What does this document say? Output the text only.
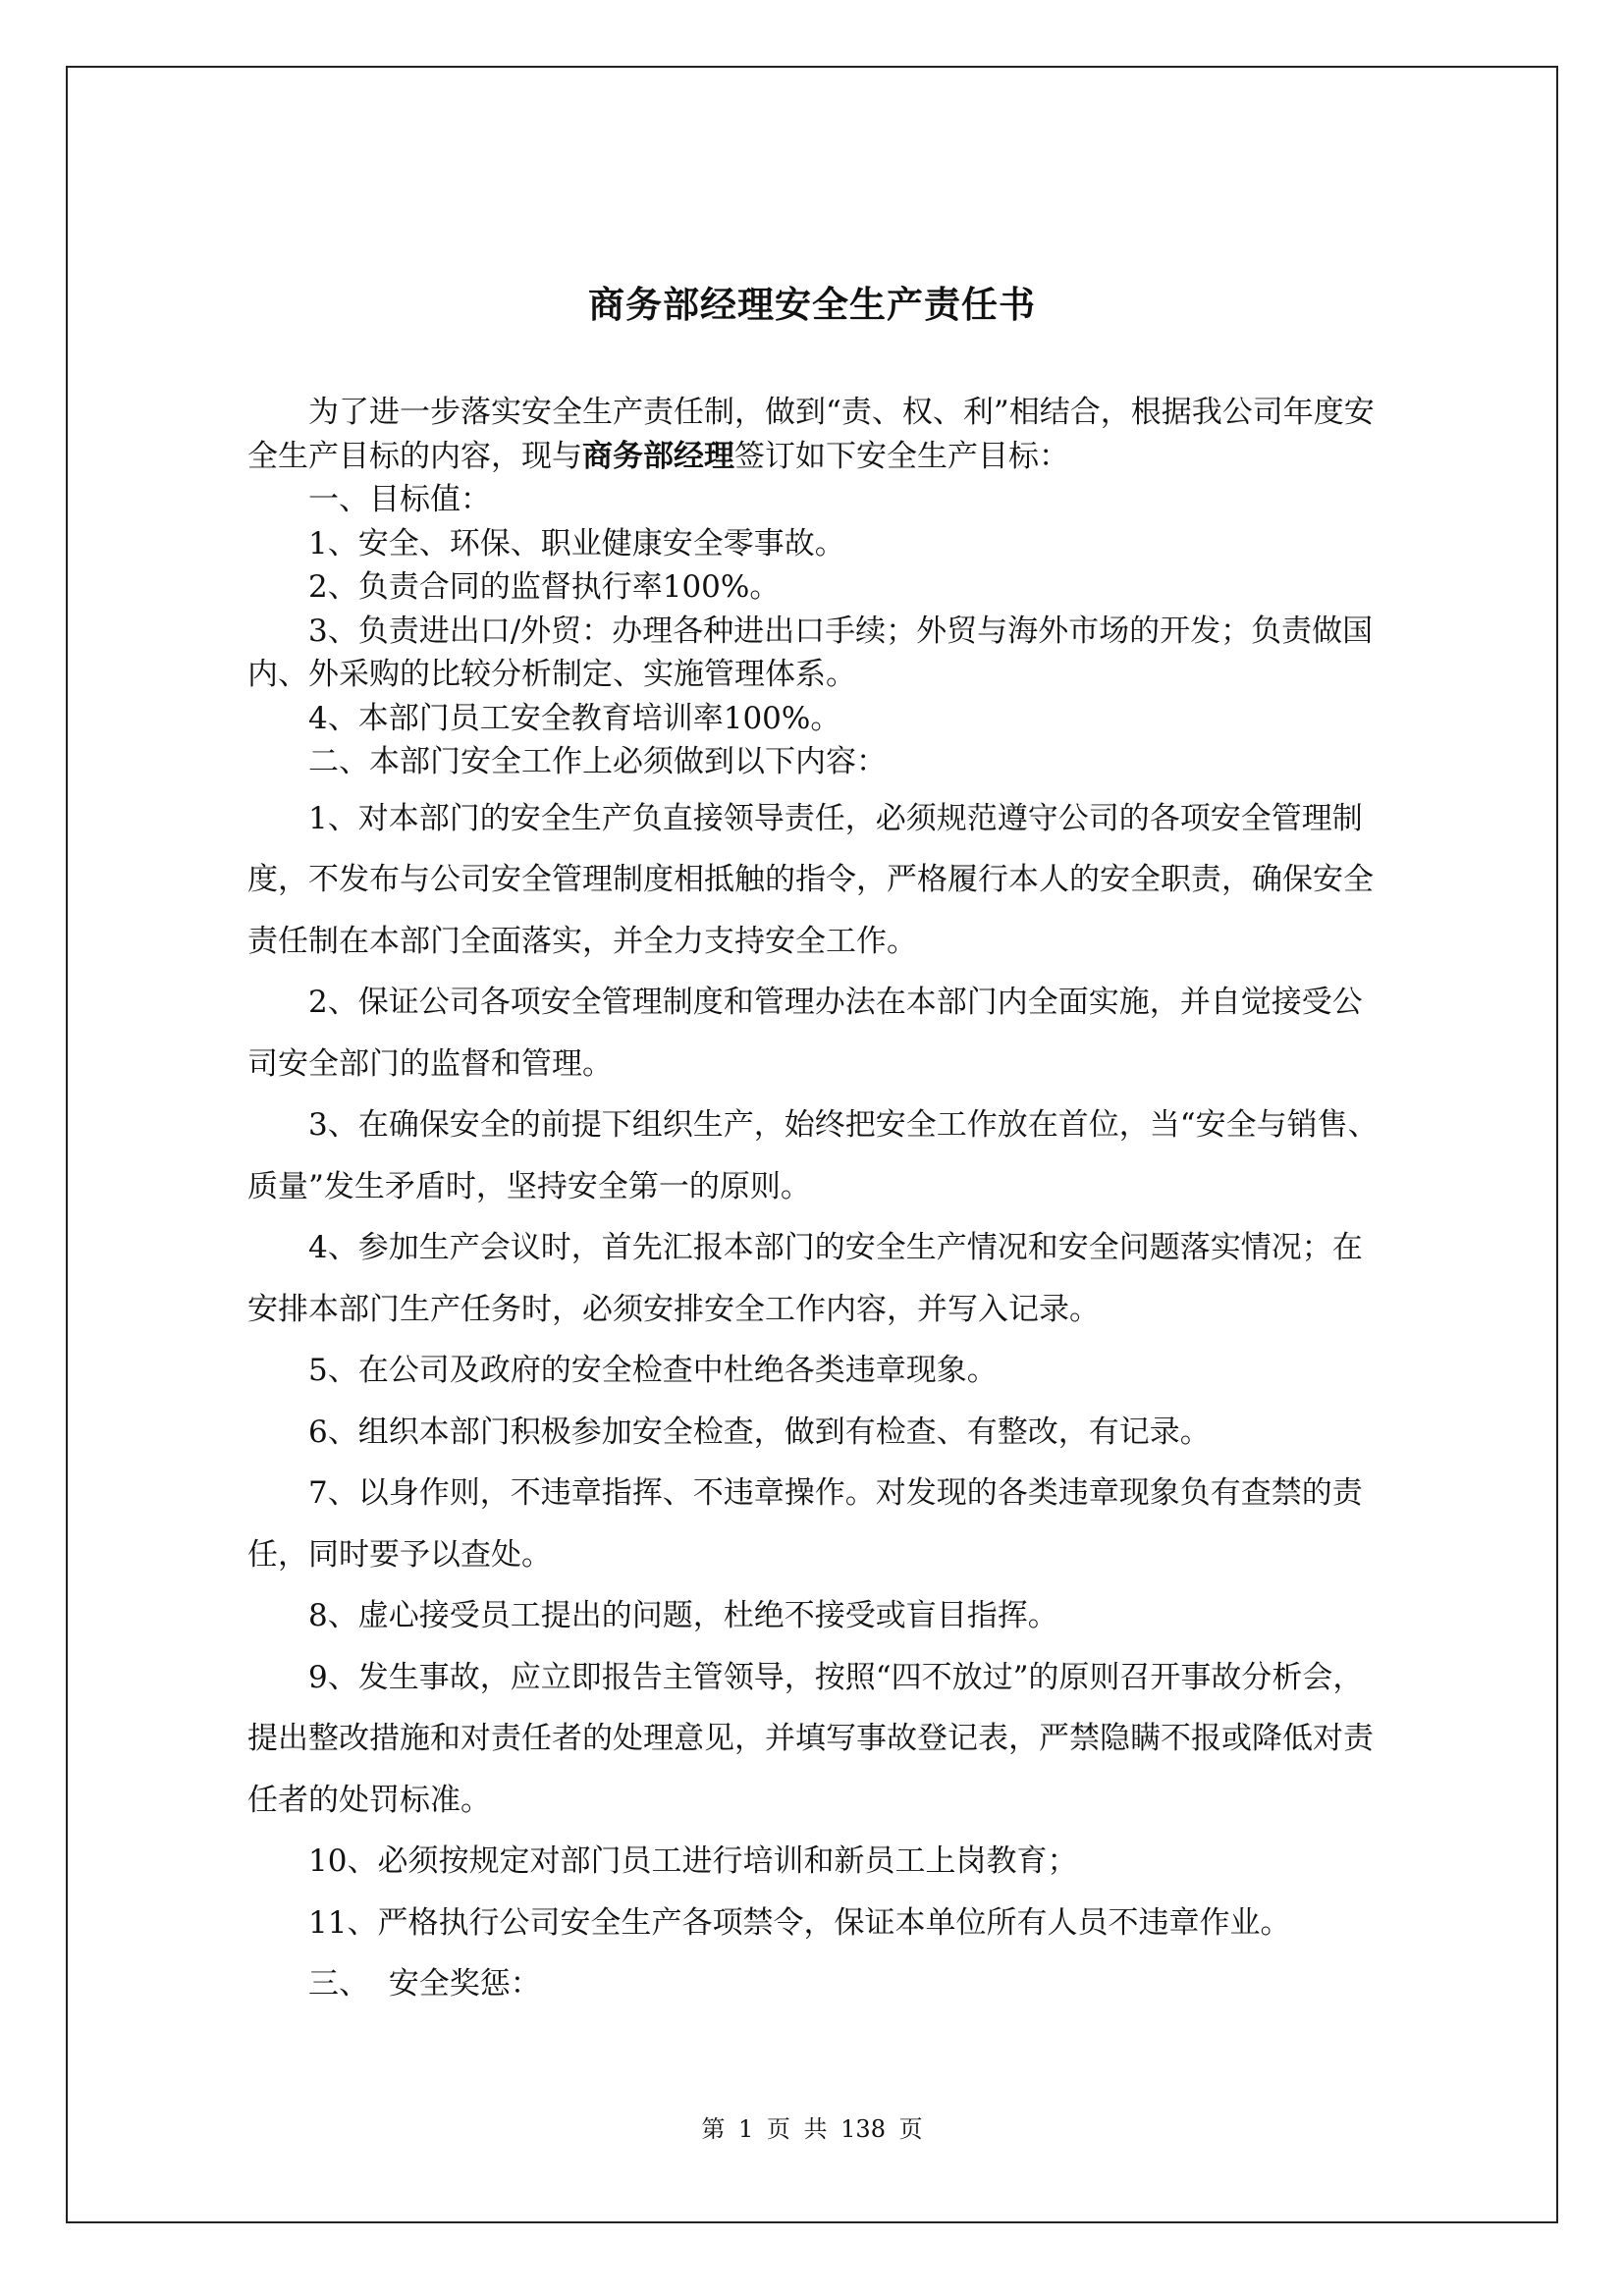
商务部经理安全生产责任书

为了进一步落实安全生产责任制，做到“责、权、利”相结合，根据我公司年度安全生产目标的内容，现与商务部经理签订如下安全生产目标：

一、目标值：

1、安全、环保、职业健康安全零事故。

2、负责合同的监督执行率100%。

3、负责进出口/外贸：办理各种进出口手续；外贸与海外市场的开发；负责做国内、外采购的比较分析制定、实施管理体系。

4、本部门员工安全教育培训率100%。

二、本部门安全工作上必须做到以下内容：

1、对本部门的安全生产负直接领导责任，必须规范遵守公司的各项安全管理制度，不发布与公司安全管理制度相抵触的指令，严格履行本人的安全职责，确保安全责任制在本部门全面落实，并全力支持安全工作。

2、保证公司各项安全管理制度和管理办法在本部门内全面实施，并自觉接受公司安全部门的监督和管理。

3、在确保安全的前提下组织生产，始终把安全工作放在首位，当“安全与销售、质量”发生矛盾时，坚持安全第一的原则。

4、参加生产会议时，首先汇报本部门的安全生产情况和安全问题落实情况；在安排本部门生产任务时，必须安排安全工作内容，并写入记录。

5、在公司及政府的安全检查中杜绝各类违章现象。

6、组织本部门积极参加安全检查，做到有检查、有整改，有记录。

7、以身作则，不违章指挥、不违章操作。对发现的各类违章现象负有查禁的责任，同时要予以查处。

8、虚心接受员工提出的问题，杜绝不接受或盲目指挥。

9、发生事故，应立即报告主管领导，按照“四不放过”的原则召开事故分析会，提出整改措施和对责任者的处理意见，并填写事故登记表，严禁隐瞒不报或降低对责任者的处罚标准。

10、必须按规定对部门员工进行培训和新员工上岗教育；

11、严格执行公司安全生产各项禁令，保证本单位所有人员不违章作业。

三、  安全奖惩：

第 1 页 共 138 页
